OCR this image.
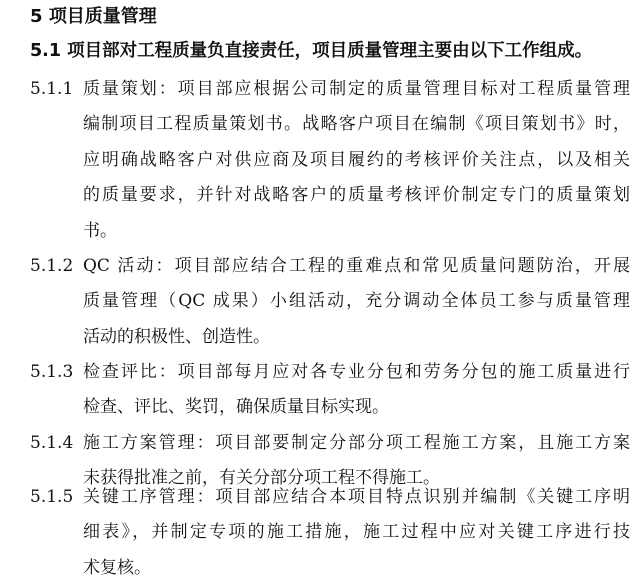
5 项目质量管理
5.1 项目部对工程质量负直接责任，项目质量管理主要由以下工作组成。
5.1.1 质量策划：项目部应根据公司制定的质量管理目标对工程质量管理
编制项目工程质量策划书。战略客户项目在编制《项目策划书》时，
应明确战略客户对供应商及项目履约的考核评价关注点，以及相关
的质量要求，并针对战略客户的质量考核评价制定专门的质量策划
书。
5.1.2 QC 活动：项目部应结合工程的重难点和常见质量问题防治，开展
质量管理（QC 成果）小组活动，充分调动全体员工参与质量管理
活动的积极性、创造性。
5.1.3 检查评比：项目部每月应对各专业分包和劳务分包的施工质量进行
检查、评比、奖罚，确保质量目标实现。
5.1.4 施工方案管理：项目部要制定分部分项工程施工方案，且施工方案
未获得批准之前，有关分部分项工程不得施工。
5.1.5 关键工序管理：项目部应结合本项目特点识别并编制《关键工序明
细表》，并制定专项的施工措施，施工过程中应对关键工序进行技
术复核。
